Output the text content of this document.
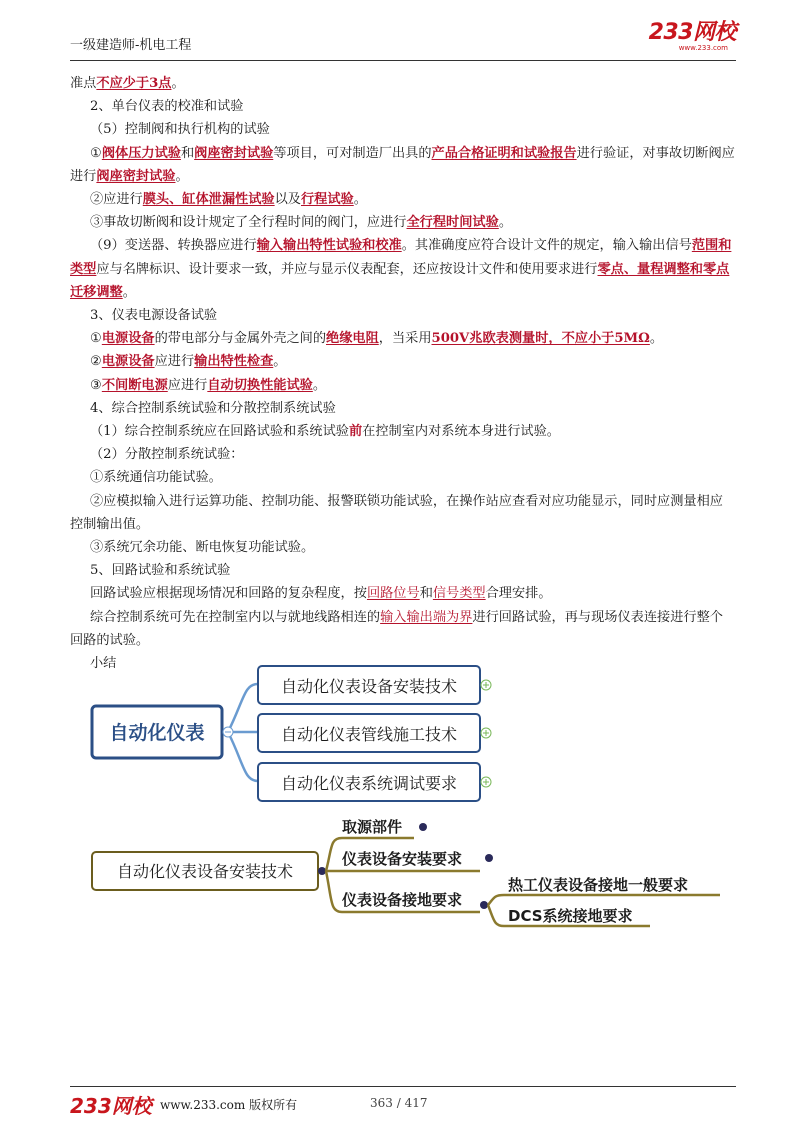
一级建造师-机电工程
233网校
www.233.com

准点不应少于3点。

2、单台仪表的校准和试验

（5）控制阀和执行机构的试验

①阀体压力试验和阀座密封试验等项目，可对制造厂出具的产品合格证明和试验报告进行验证，对事故切断阀应进行阀座密封试验。

②应进行膜头、缸体泄漏性试验以及行程试验。

③事故切断阀和设计规定了全行程时间的阀门，应进行全行程时间试验。

（9）变送器、转换器应进行输入输出特性试验和校准。其准确度应符合设计文件的规定，输入输出信号范围和类型应与名牌标识、设计要求一致，并应与显示仪表配套，还应按设计文件和使用要求进行零点、量程调整和零点迁移调整。

3、仪表电源设备试验

①电源设备的带电部分与金属外壳之间的绝缘电阻，当采用500V兆欧表测量时，不应小于5MΩ。

②电源设备应进行输出特性检查。

③不间断电源应进行自动切换性能试验。

4、综合控制系统试验和分散控制系统试验

（1）综合控制系统应在回路试验和系统试验前在控制室内对系统本身进行试验。

（2）分散控制系统试验：

①系统通信功能试验。

②应模拟输入进行运算功能、控制功能、报警联锁功能试验，在操作站应查看对应功能显示，同时应测量相应控制输出值。

③系统冗余功能、断电恢复功能试验。

5、回路试验和系统试验

回路试验应根据现场情况和回路的复杂程度，按回路位号和信号类型合理安排。

综合控制系统可先在控制室内以与就地线路相连的输入输出端为界进行回路试验，再与现场仪表连接进行整个回路的试验。

小结

自动化仪表
自动化仪表设备安装技术
自动化仪表管线施工技术
自动化仪表系统调试要求
自动化仪表设备安装技术
取源部件
仪表设备安装要求
仪表设备接地要求
热工仪表设备接地一般要求
DCS系统接地要求
233网校 www.233.com 版权所有	363 / 417
